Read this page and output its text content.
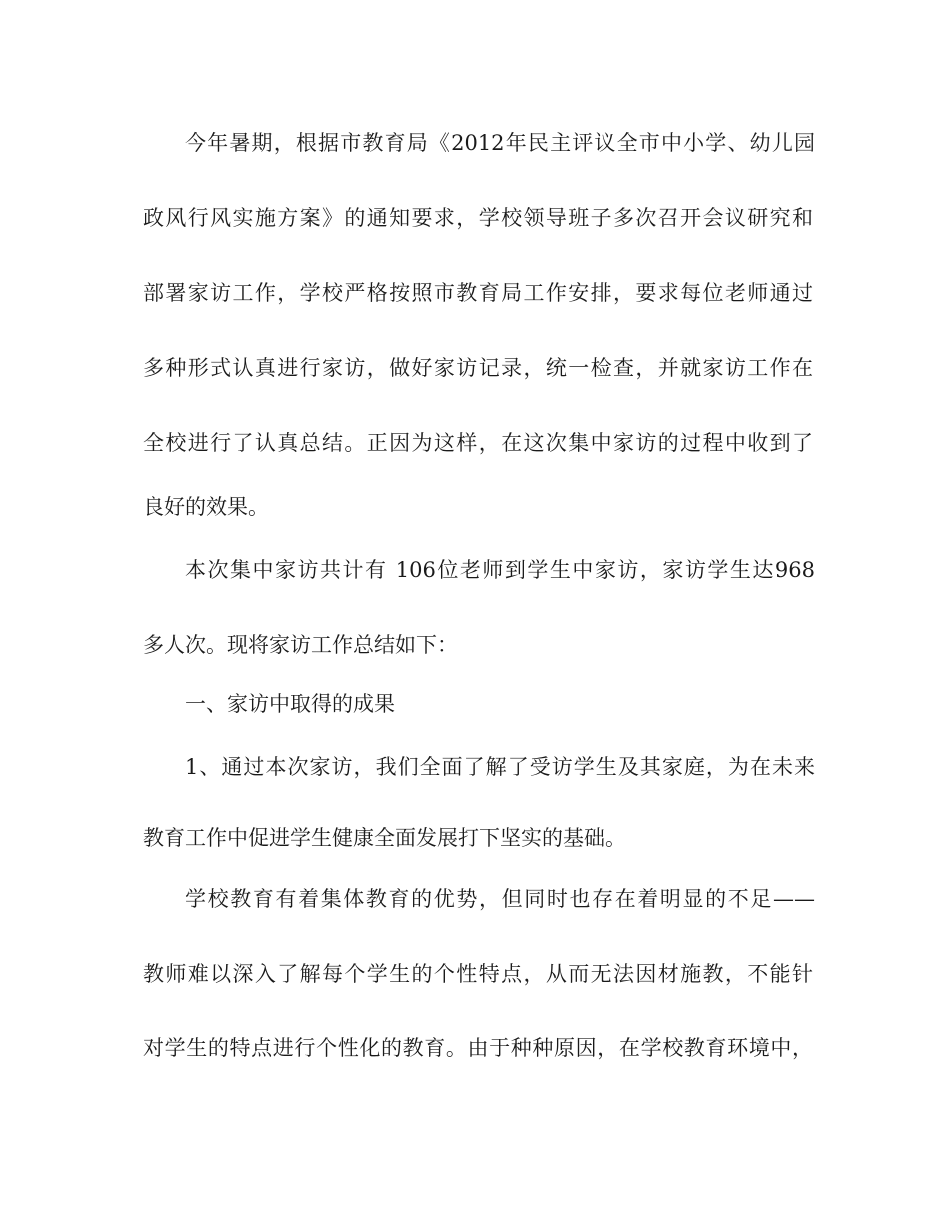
今年暑期，根据市教育局《2012年民主评议全市中小学、幼儿园
政风行风实施方案》的通知要求，学校领导班子多次召开会议研究和
部署家访工作，学校严格按照市教育局工作安排，要求每位老师通过
多种形式认真进行家访，做好家访记录，统一检查，并就家访工作在
全校进行了认真总结。正因为这样，在这次集中家访的过程中收到了
良好的效果。
本次集中家访共计有 106位老师到学生中家访，家访学生达968
多人次。现将家访工作总结如下：
一、家访中取得的成果
1、通过本次家访，我们全面了解了受访学生及其家庭，为在未来
教育工作中促进学生健康全面发展打下坚实的基础。
学校教育有着集体教育的优势，但同时也存在着明显的不足——
教师难以深入了解每个学生的个性特点，从而无法因材施教，不能针
对学生的特点进行个性化的教育。由于种种原因，在学校教育环境中，
